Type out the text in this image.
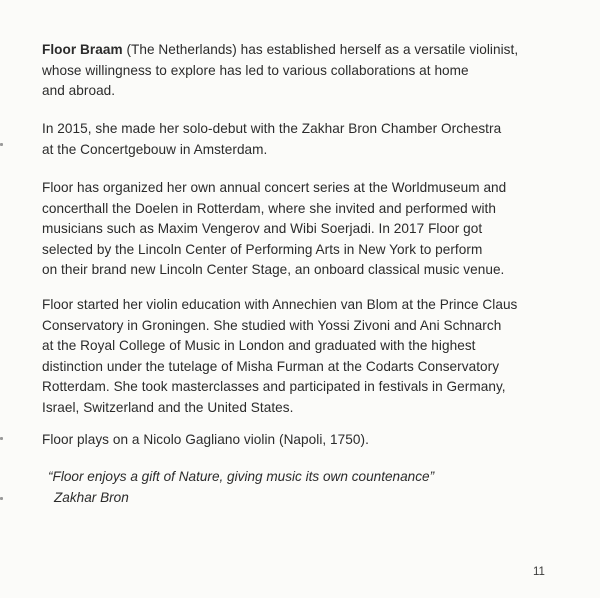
Floor Braam (The Netherlands) has established herself as a versatile violinist,
whose willingness to explore has led to various collaborations at home
and abroad.
In 2015, she made her solo-debut with the Zakhar Bron Chamber Orchestra
at the Concertgebouw in Amsterdam.
Floor has organized her own annual concert series at the Worldmuseum and
concerthall the Doelen in Rotterdam, where she invited and performed with
musicians such as Maxim Vengerov and Wibi Soerjadi. In 2017 Floor got
selected by the Lincoln Center of Performing Arts in New York to perform
on their brand new Lincoln Center Stage, an onboard classical music venue.
Floor started her violin education with Annechien van Blom at the Prince Claus
Conservatory in Groningen. She studied with Yossi Zivoni and Ani Schnarch
at the Royal College of Music in London and graduated with the highest
distinction under the tutelage of Misha Furman at the Codarts Conservatory
Rotterdam. She took masterclasses and participated in festivals in Germany,
Israel, Switzerland and the United States.
Floor plays on a Nicolo Gagliano violin (Napoli, 1750).
“Floor enjoys a gift of Nature, giving music its own countenance”
Zakhar Bron
11
